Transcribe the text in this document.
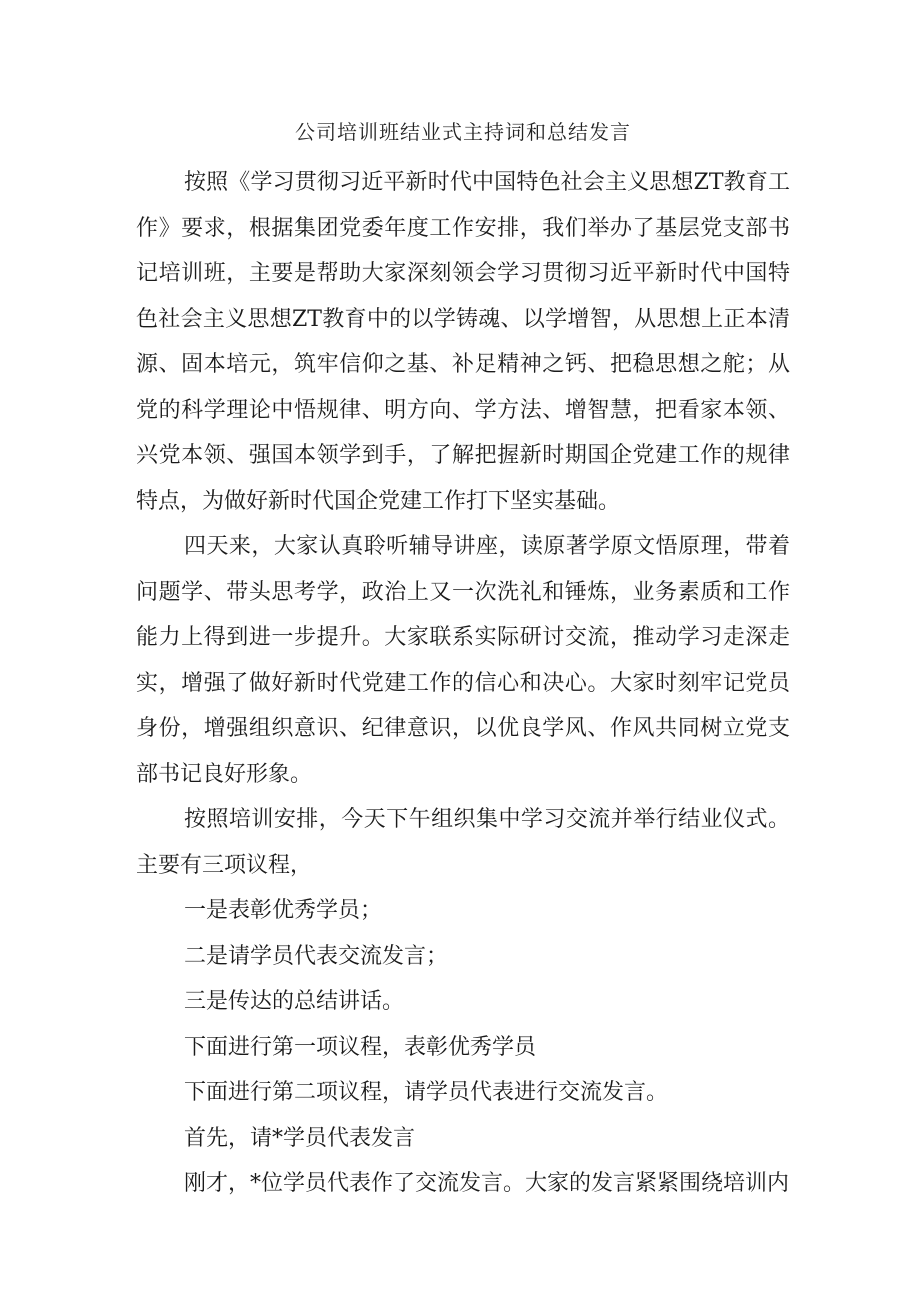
公司培训班结业式主持词和总结发言

按照《学习贯彻习近平新时代中国特色社会主义思想ZT教育工作》要求，根据集团党委年度工作安排，我们举办了基层党支部书记培训班，主要是帮助大家深刻领会学习贯彻习近平新时代中国特色社会主义思想ZT教育中的以学铸魂、以学增智，从思想上正本清源、固本培元，筑牢信仰之基、补足精神之钙、把稳思想之舵；从党的科学理论中悟规律、明方向、学方法、增智慧，把看家本领、兴党本领、强国本领学到手，了解把握新时期国企党建工作的规律特点，为做好新时代国企党建工作打下坚实基础。

四天来，大家认真聆听辅导讲座，读原著学原文悟原理，带着问题学、带头思考学，政治上又一次洗礼和锤炼，业务素质和工作能力上得到进一步提升。大家联系实际研讨交流，推动学习走深走实，增强了做好新时代党建工作的信心和决心。大家时刻牢记党员身份，增强组织意识、纪律意识，以优良学风、作风共同树立党支部书记良好形象。

按照培训安排，今天下午组织集中学习交流并举行结业仪式。主要有三项议程，

一是表彰优秀学员；

二是请学员代表交流发言；

三是传达的总结讲话。

下面进行第一项议程，表彰优秀学员

下面进行第二项议程，请学员代表进行交流发言。

首先，请*学员代表发言

刚才，*位学员代表作了交流发言。大家的发言紧紧围绕培训内
